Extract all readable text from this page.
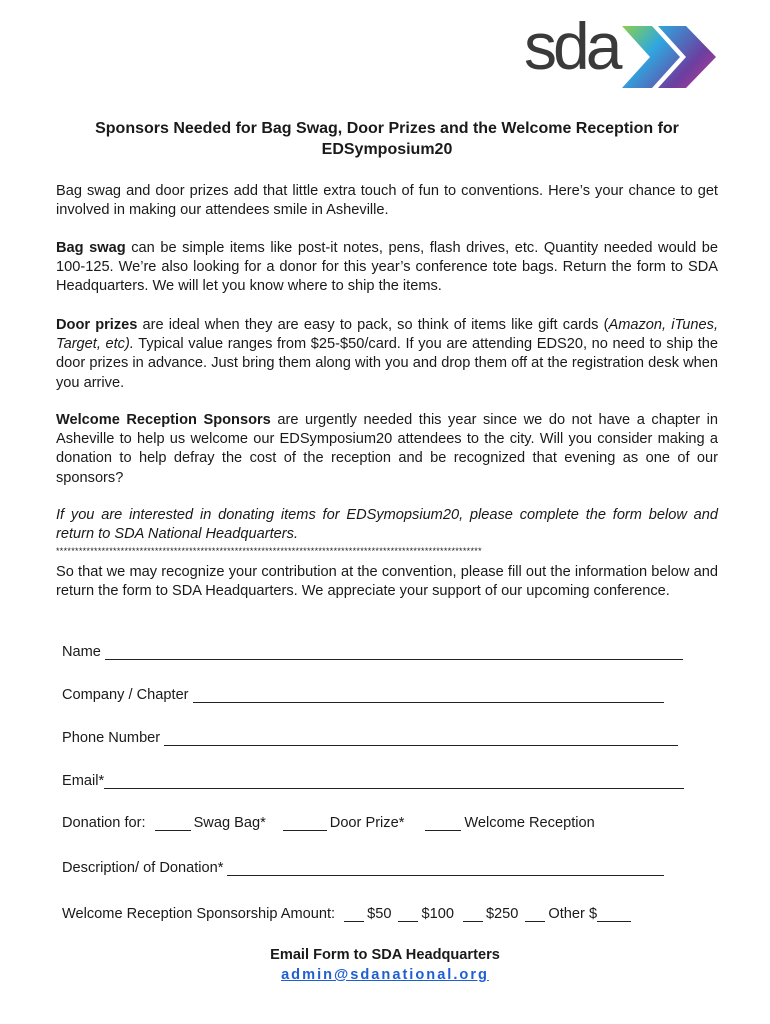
sda
Sponsors Needed for Bag Swag, Door Prizes and the Welcome Reception for
EDSymposium20
Bag swag and door prizes add that little extra touch of fun to conventions. Here’s your chance to get involved in making our attendees smile in Asheville.
Bag swag can be simple items like post-it notes, pens, flash drives, etc. Quantity needed would be 100-125. We’re also looking for a donor for this year’s conference tote bags. Return the form to SDA Headquarters. We will let you know where to ship the items.
Door prizes are ideal when they are easy to pack, so think of items like gift cards (Amazon, iTunes, Target, etc). Typical value ranges from $25-$50/card. If you are attending EDS20, no need to ship the door prizes in advance. Just bring them along with you and drop them off at the registration desk when you arrive.
Welcome Reception Sponsors are urgently needed this year since we do not have a chapter in Asheville to help us welcome our EDSymposium20 attendees to the city. Will you consider making a donation to help defray the cost of the reception and be recognized that evening as one of our sponsors?
If you are interested in donating items for EDSymopsium20, please complete the form below and return to SDA National Headquarters.
****************************************************************************************************************
So that we may recognize your contribution at the convention, please fill out the information below and return the form to SDA Headquarters. We appreciate your support of our upcoming conference.
Name
Company / Chapter
Phone Number
Email*
Donation for:	Swag Bag*	Door Prize*	Welcome Reception
Description/ of Donation*
Welcome Reception Sponsorship Amount: $50 $100 $250 Other $
Email Form to SDA Headquarters
admin@sdanational.org
